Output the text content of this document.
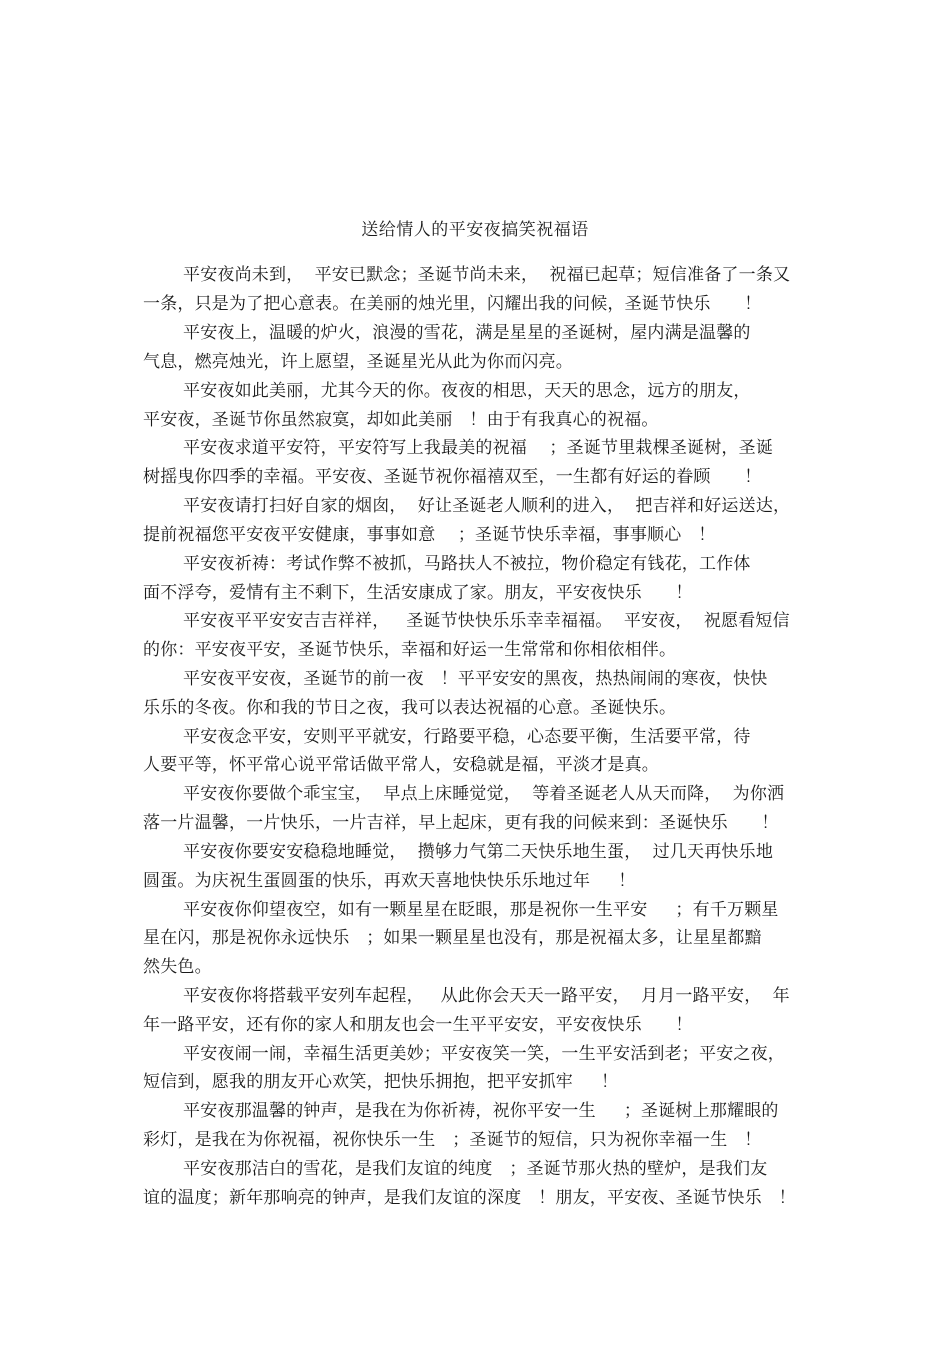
送给情人的平安夜搞笑祝福语
平安夜尚未到，  平安已默念；圣诞节尚未来，  祝福已起草；短信准备了一条又
一条，只是为了把心意表。在美丽的烛光里，闪耀出我的问候，圣诞节快乐      ！
平安夜上，温暖的炉火，浪漫的雪花，满是星星的圣诞树，屋内满是温馨的
气息，燃亮烛光，许上愿望，圣诞星光从此为你而闪亮。
平安夜如此美丽，尤其今天的你。夜夜的相思，天天的思念，远方的朋友，
平安夜，圣诞节你虽然寂寞，却如此美丽   ！由于有我真心的祝福。
平安夜求道平安符，平安符写上我最美的祝福    ；圣诞节里栽棵圣诞树，圣诞
树摇曳你四季的幸福。平安夜、圣诞节祝你福禧双至，一生都有好运的眷顾      ！
平安夜请打扫好自家的烟囱，  好让圣诞老人顺利的进入，  把吉祥和好运送达，
提前祝福您平安夜平安健康，事事如意    ；圣诞节快乐幸福，事事顺心   ！
平安夜祈祷：考试作弊不被抓，马路扶人不被拉，物价稳定有钱花，工作体
面不浮夸，爱情有主不剩下，生活安康成了家。朋友，平安夜快乐      ！
平安夜平平安安吉吉祥祥，   圣诞节快快乐乐幸幸福福。  平安夜，  祝愿看短信
的你：平安夜平安，圣诞节快乐，幸福和好运一生常常和你相依相伴。
平安夜平安夜，圣诞节的前一夜   ！平平安安的黑夜，热热闹闹的寒夜，快快
乐乐的冬夜。你和我的节日之夜，我可以表达祝福的心意。圣诞快乐。
平安夜念平安，安则平平就安，行路要平稳，心态要平衡，生活要平常，待
人要平等，怀平常心说平常话做平常人，安稳就是福，平淡才是真。
平安夜你要做个乖宝宝，  早点上床睡觉觉，  等着圣诞老人从天而降，  为你洒
落一片温馨，一片快乐，一片吉祥，早上起床，更有我的问候来到：圣诞快乐      ！
平安夜你要安安稳稳地睡觉，  攒够力气第二天快乐地生蛋，  过几天再快乐地
圆蛋。为庆祝生蛋圆蛋的快乐，再欢天喜地快快乐乐地过年     ！
平安夜你仰望夜空，如有一颗星星在眨眼，那是祝你一生平安     ；有千万颗星
星在闪，那是祝你永远快乐   ；如果一颗星星也没有，那是祝福太多，让星星都黯
然失色。
平安夜你将搭载平安列车起程，   从此你会天天一路平安，  月月一路平安，  年
年一路平安，还有你的家人和朋友也会一生平平安安，平安夜快乐      ！
平安夜闹一闹，幸福生活更美妙；平安夜笑一笑，一生平安活到老；平安之夜，
短信到，愿我的朋友开心欢笑，把快乐拥抱，把平安抓牢     ！
平安夜那温馨的钟声，是我在为你祈祷，祝你平安一生     ；圣诞树上那耀眼的
彩灯，是我在为你祝福，祝你快乐一生   ；圣诞节的短信，只为祝你幸福一生   ！
平安夜那洁白的雪花，是我们友谊的纯度   ；圣诞节那火热的壁炉，是我们友
谊的温度；新年那响亮的钟声，是我们友谊的深度   ！朋友，平安夜、圣诞节快乐   ！
